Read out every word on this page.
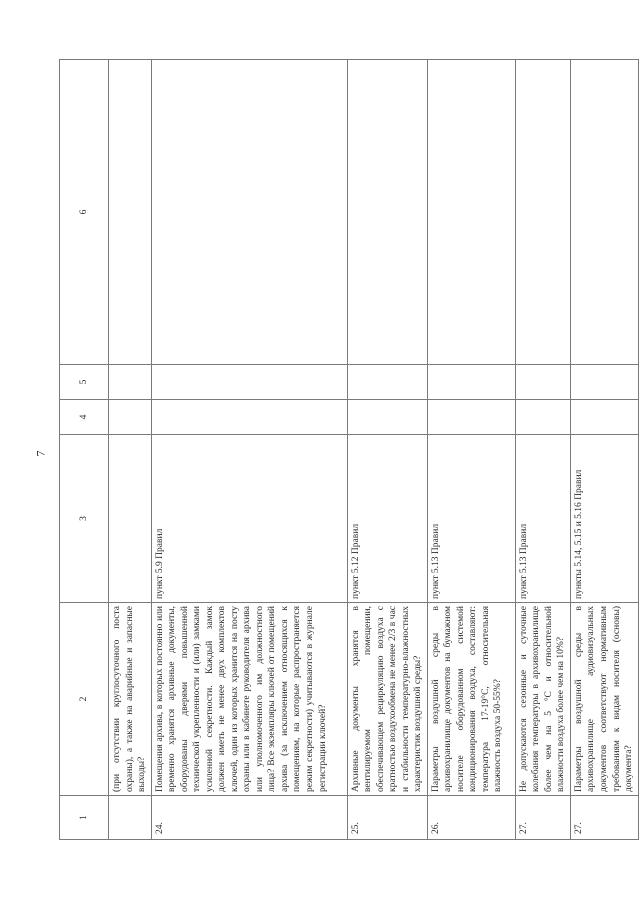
7
1	2	3	4	5	6
	(при отсутствии круглосуточного поста охраны), а также на аварийные и запасные выходы?				
24.	Помещения архива, в которых постоянно или временно хранятся архивные документы, оборудованы дверями повышенной технической укрепленности и (или) замками усиленной секретности. Каждый замок должен иметь не менее двух комплектов ключей, один из которых хранится на посту охраны или в кабинете руководителя архива или уполномоченного им должностного лица? Все экземпляры ключей от помещений архива (за исключением относящихся к помещениям, на которые распространяется режим секретности) учитываются в журнале регистрации ключей?	пункт 5.9 Правил			
25.	Архивные документы хранятся в вентилируемом помещении, обеспечивающем рециркуляцию воздуха с кратностью воздухообмена не менее 2/3 в час и стабильности температурно-влажностных характеристик воздушной среды?	пункт 5.12 Правил			
26.	Параметры воздушной среды в архивохранилище документов на бумажном носителе оборудованном системой кондиционирования воздуха, составляют: температура 17-19°С, относительная влажность воздуха 50-55%?	пункт 5.13 Правил			
27.	Не допускаются сезонные и суточные колебания температуры в архивохранилище более чем на 5 °С и относительной влажности воздуха более чем на 10%?	пункт 5.13 Правил			
27.	Параметры воздушной среды в архивохранилище аудиовизуальных документов соответствуют нормативным требованиям к видам носителя (основы) документа?	пункты 5.14, 5.15 и 5.16 Правил			
